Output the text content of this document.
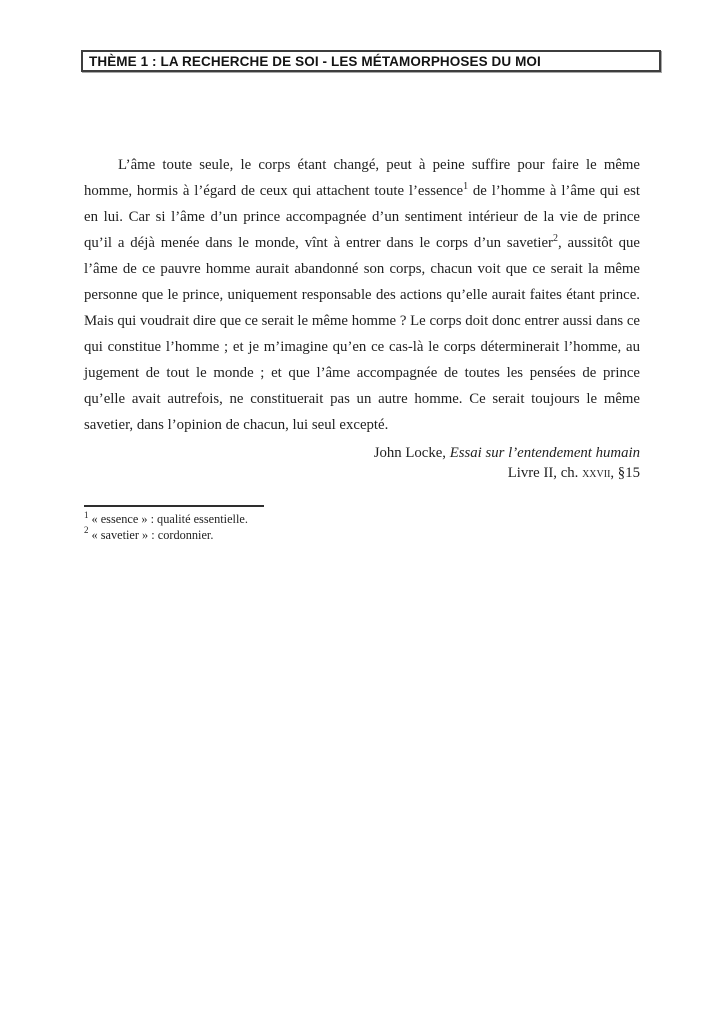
THÈME 1 : LA RECHERCHE DE SOI - LES MÉTAMORPHOSES DU MOI

L’âme toute seule, le corps étant changé, peut à peine suffire pour faire le même homme, hormis à l’égard de ceux qui attachent toute l’essence$^1$ de l’homme à l’âme qui est en lui. Car si l’âme d’un prince accompagnée d’un sentiment intérieur de la vie de prince qu’il a déjà menée dans le monde, vînt à entrer dans le corps d’un savetier$^2$, aussitôt que l’âme de ce pauvre homme aurait abandonné son corps, chacun voit que ce serait la même personne que le prince, uniquement responsable des actions qu’elle aurait faites étant prince. Mais qui voudrait dire que ce serait le même homme ? Le corps doit donc entrer aussi dans ce qui constitue l’homme ; et je m’imagine qu’en ce cas-là le corps déterminerait l’homme, au jugement de tout le monde ; et que l’âme accompagnée de toutes les pensées de prince qu’elle avait autrefois, ne constituerait pas un autre homme. Ce serait toujours le même savetier, dans l’opinion de chacun, lui seul excepté.

John Locke, Essai sur l’entendement humain
Livre II, ch. xxvii, §15
$^1$ « essence » : qualité essentielle.
$^2$ « savetier » : cordonnier.
